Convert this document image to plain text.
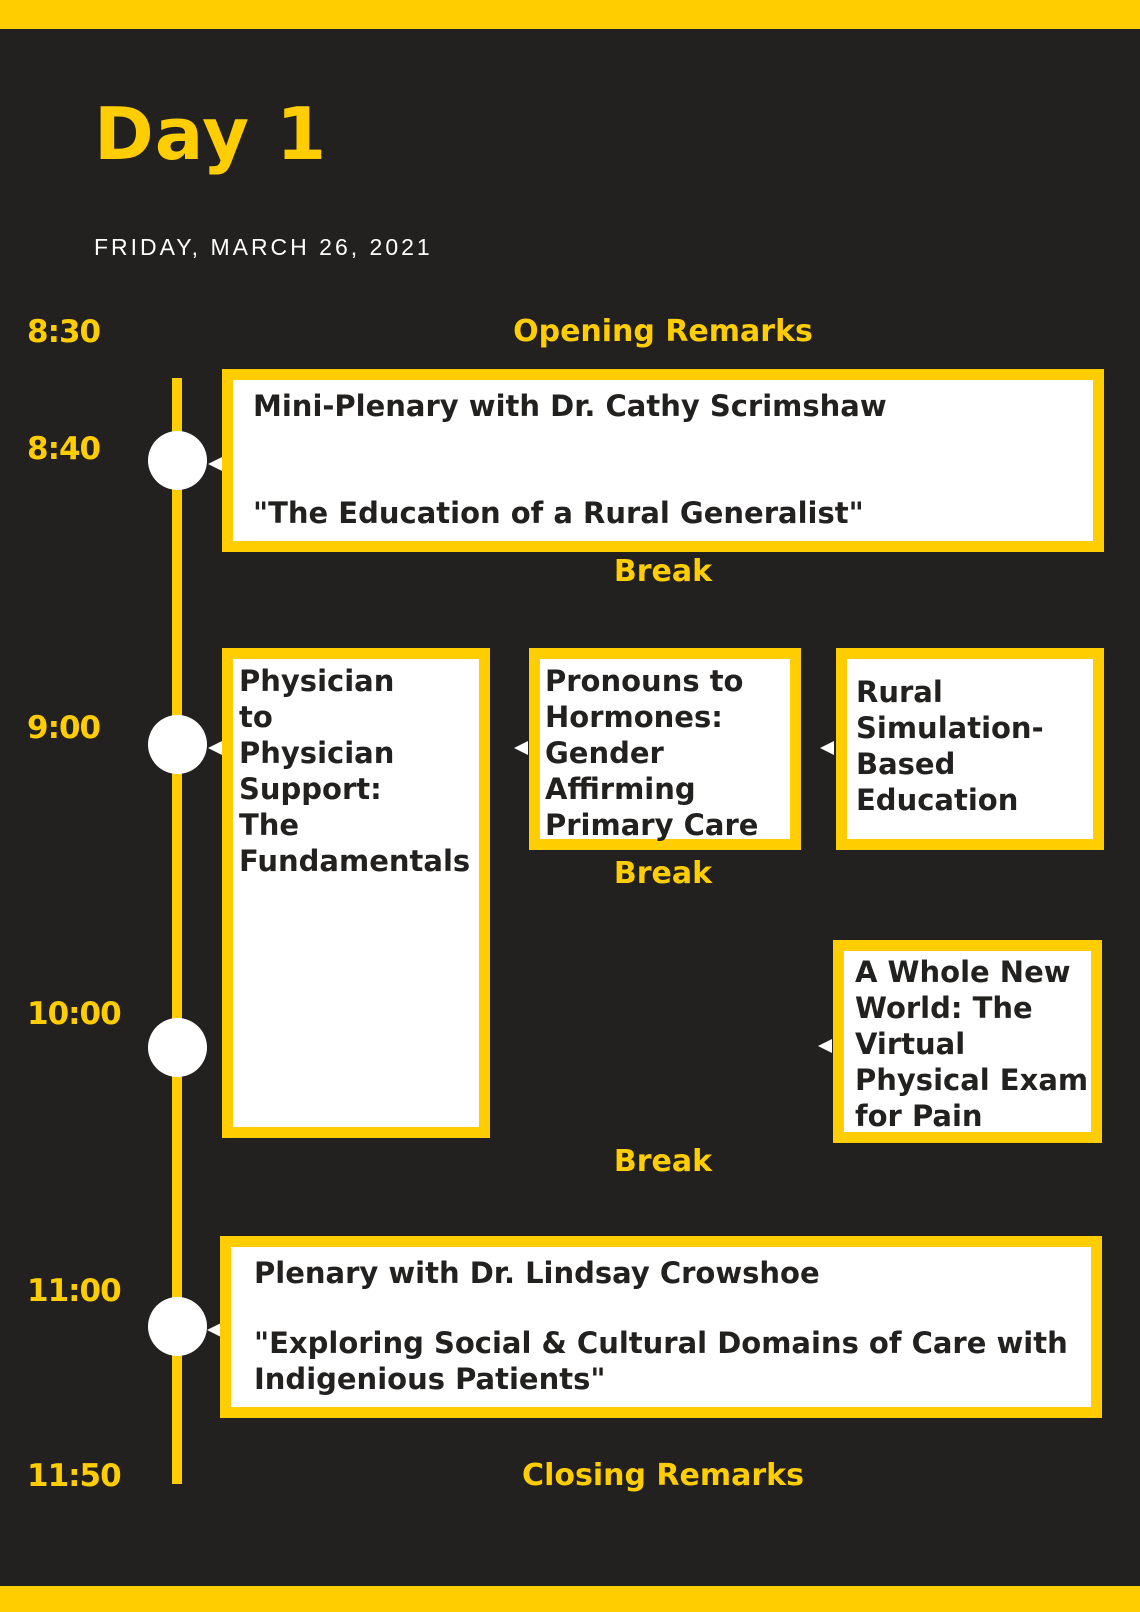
Day 1
FRIDAY, MARCH 26, 2021
8:30
8:40
9:00
10:00
11:00
11:50
Opening Remarks
Break
Break
Break
Closing Remarks
Mini-Plenary with Dr. Cathy Scrimshaw
"The Education of a Rural Generalist"
Physician
to
Physician
Support:
The
Fundamentals
Pronouns to
Hormones:
Gender
Affirming
Primary Care
Rural
Simulation-
Based
Education
A Whole New
World: The
Virtual
Physical Exam
for Pain
Plenary with Dr. Lindsay Crowshoe
"Exploring Social & Cultural Domains of Care with
Indigenious Patients"
